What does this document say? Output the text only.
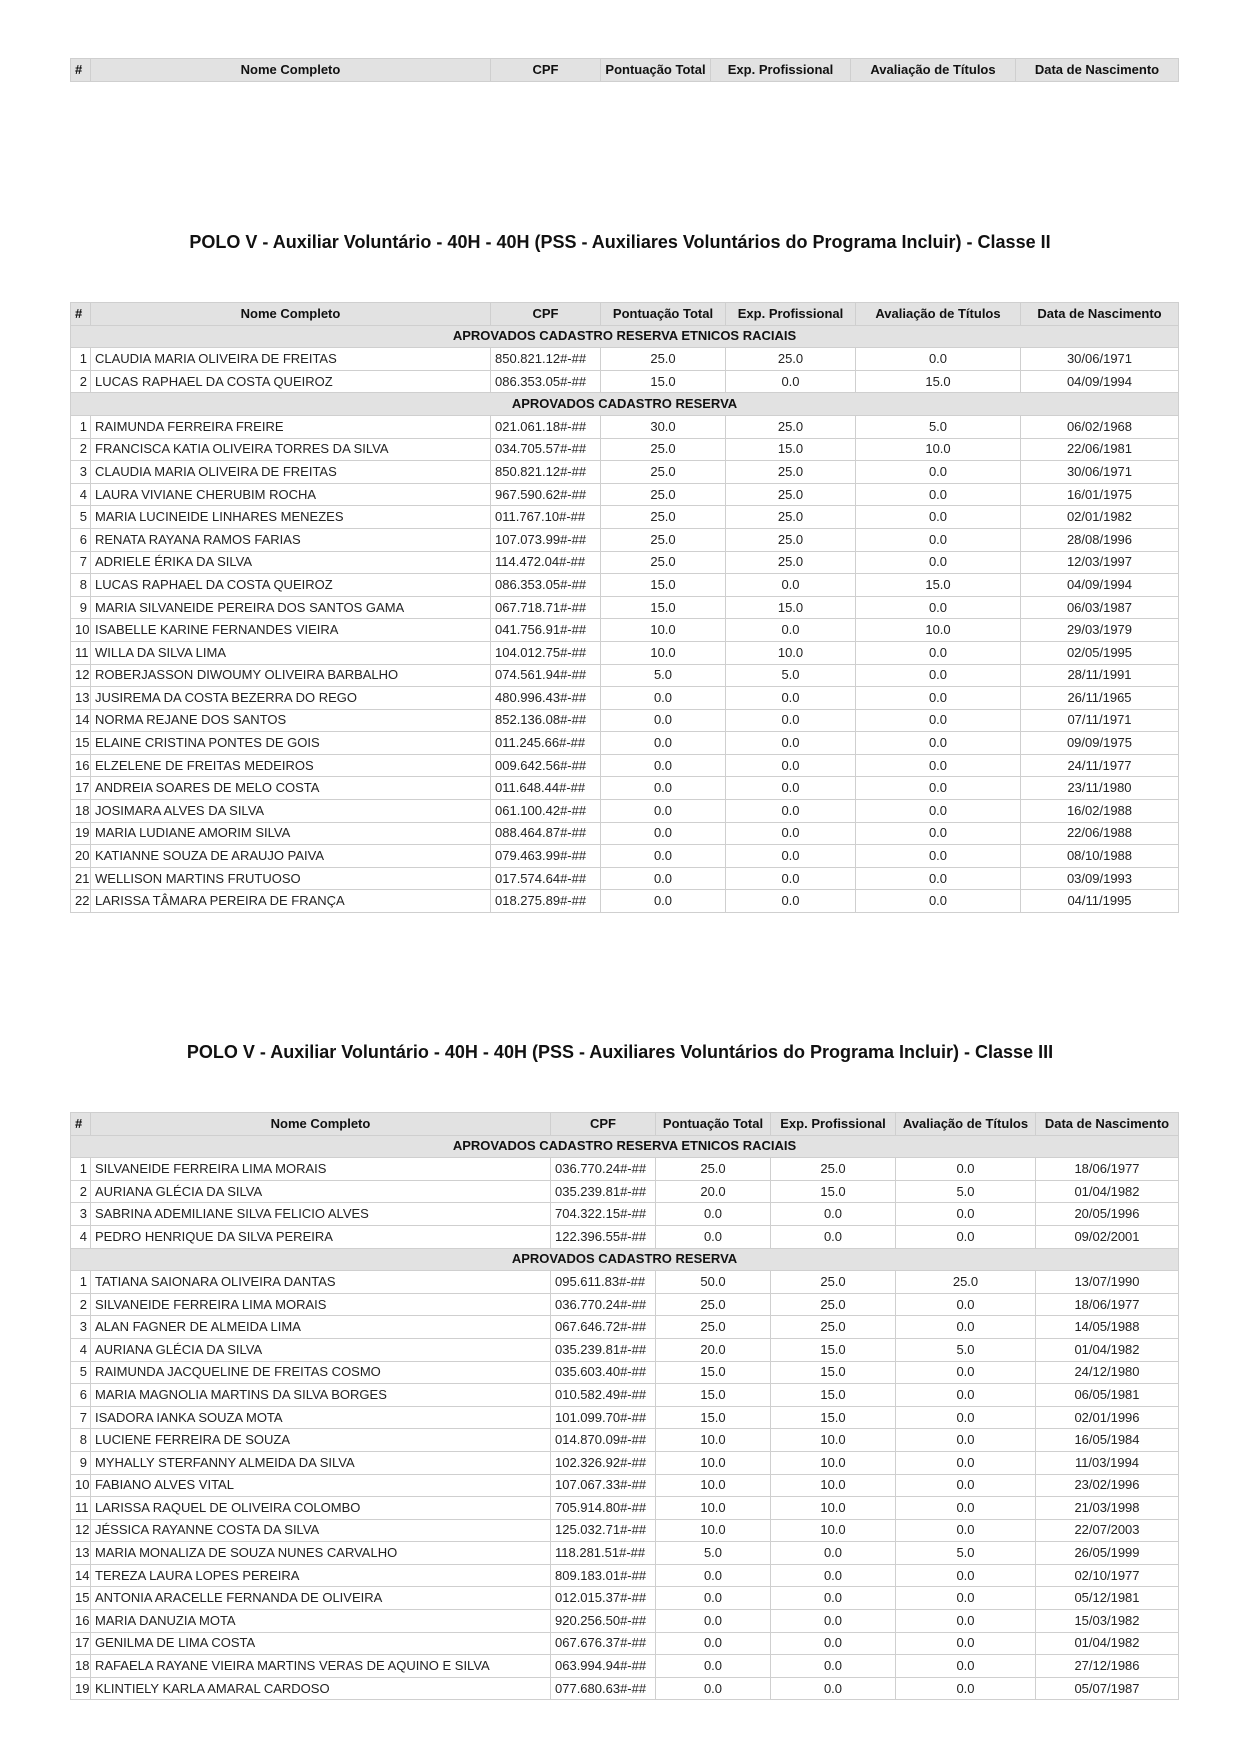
#	Nome Completo	CPF	Pontuação Total	Exp. Profissional	Avaliação de Títulos	Data de Nascimento
POLO V - Auxiliar Voluntário - 40H - 40H (PSS - Auxiliares Voluntários do Programa Incluir) - Classe II
#	Nome Completo	CPF	Pontuação Total	Exp. Profissional	Avaliação de Títulos	Data de Nascimento
APROVADOS CADASTRO RESERVA ETNICOS RACIAIS						
1	CLAUDIA MARIA OLIVEIRA DE FREITAS	850.821.12#-##	25.0	25.0	0.0	30/06/1971
2	LUCAS RAPHAEL DA COSTA QUEIROZ	086.353.05#-##	15.0	0.0	15.0	04/09/1994
APROVADOS CADASTRO RESERVA						
1	RAIMUNDA FERREIRA FREIRE	021.061.18#-##	30.0	25.0	5.0	06/02/1968
2	FRANCISCA KATIA OLIVEIRA TORRES DA SILVA	034.705.57#-##	25.0	15.0	10.0	22/06/1981
3	CLAUDIA MARIA OLIVEIRA DE FREITAS	850.821.12#-##	25.0	25.0	0.0	30/06/1971
4	LAURA VIVIANE CHERUBIM ROCHA	967.590.62#-##	25.0	25.0	0.0	16/01/1975
5	MARIA LUCINEIDE LINHARES MENEZES	011.767.10#-##	25.0	25.0	0.0	02/01/1982
6	RENATA RAYANA RAMOS FARIAS	107.073.99#-##	25.0	25.0	0.0	28/08/1996
7	ADRIELE ÉRIKA DA SILVA	114.472.04#-##	25.0	25.0	0.0	12/03/1997
8	LUCAS RAPHAEL DA COSTA QUEIROZ	086.353.05#-##	15.0	0.0	15.0	04/09/1994
9	MARIA SILVANEIDE PEREIRA DOS SANTOS GAMA	067.718.71#-##	15.0	15.0	0.0	06/03/1987
10	ISABELLE KARINE FERNANDES VIEIRA	041.756.91#-##	10.0	0.0	10.0	29/03/1979
11	WILLA DA SILVA LIMA	104.012.75#-##	10.0	10.0	0.0	02/05/1995
12	ROBERJASSON DIWOUMY OLIVEIRA BARBALHO	074.561.94#-##	5.0	5.0	0.0	28/11/1991
13	JUSIREMA DA COSTA BEZERRA DO REGO	480.996.43#-##	0.0	0.0	0.0	26/11/1965
14	NORMA REJANE DOS SANTOS	852.136.08#-##	0.0	0.0	0.0	07/11/1971
15	ELAINE CRISTINA PONTES DE GOIS	011.245.66#-##	0.0	0.0	0.0	09/09/1975
16	ELZELENE DE FREITAS MEDEIROS	009.642.56#-##	0.0	0.0	0.0	24/11/1977
17	ANDREIA SOARES DE MELO COSTA	011.648.44#-##	0.0	0.0	0.0	23/11/1980
18	JOSIMARA ALVES DA SILVA	061.100.42#-##	0.0	0.0	0.0	16/02/1988
19	MARIA LUDIANE AMORIM SILVA	088.464.87#-##	0.0	0.0	0.0	22/06/1988
20	KATIANNE SOUZA DE ARAUJO PAIVA	079.463.99#-##	0.0	0.0	0.0	08/10/1988
21	WELLISON MARTINS FRUTUOSO	017.574.64#-##	0.0	0.0	0.0	03/09/1993
22	LARISSA TÂMARA PEREIRA DE FRANÇA	018.275.89#-##	0.0	0.0	0.0	04/11/1995
POLO V - Auxiliar Voluntário - 40H - 40H (PSS - Auxiliares Voluntários do Programa Incluir) - Classe III
#	Nome Completo	CPF	Pontuação Total	Exp. Profissional	Avaliação de Títulos	Data de Nascimento
APROVADOS CADASTRO RESERVA ETNICOS RACIAIS						
1	SILVANEIDE FERREIRA LIMA MORAIS	036.770.24#-##	25.0	25.0	0.0	18/06/1977
2	AURIANA GLÉCIA DA SILVA	035.239.81#-##	20.0	15.0	5.0	01/04/1982
3	SABRINA ADEMILIANE SILVA FELICIO ALVES	704.322.15#-##	0.0	0.0	0.0	20/05/1996
4	PEDRO HENRIQUE DA SILVA PEREIRA	122.396.55#-##	0.0	0.0	0.0	09/02/2001
APROVADOS CADASTRO RESERVA						
1	TATIANA SAIONARA OLIVEIRA DANTAS	095.611.83#-##	50.0	25.0	25.0	13/07/1990
2	SILVANEIDE FERREIRA LIMA MORAIS	036.770.24#-##	25.0	25.0	0.0	18/06/1977
3	ALAN FAGNER DE ALMEIDA LIMA	067.646.72#-##	25.0	25.0	0.0	14/05/1988
4	AURIANA GLÉCIA DA SILVA	035.239.81#-##	20.0	15.0	5.0	01/04/1982
5	RAIMUNDA JACQUELINE DE FREITAS COSMO	035.603.40#-##	15.0	15.0	0.0	24/12/1980
6	MARIA MAGNOLIA MARTINS DA SILVA BORGES	010.582.49#-##	15.0	15.0	0.0	06/05/1981
7	ISADORA IANKA SOUZA MOTA	101.099.70#-##	15.0	15.0	0.0	02/01/1996
8	LUCIENE FERREIRA DE SOUZA	014.870.09#-##	10.0	10.0	0.0	16/05/1984
9	MYHALLY STERFANNY ALMEIDA DA SILVA	102.326.92#-##	10.0	10.0	0.0	11/03/1994
10	FABIANO ALVES VITAL	107.067.33#-##	10.0	10.0	0.0	23/02/1996
11	LARISSA RAQUEL DE OLIVEIRA COLOMBO	705.914.80#-##	10.0	10.0	0.0	21/03/1998
12	JÉSSICA RAYANNE COSTA DA SILVA	125.032.71#-##	10.0	10.0	0.0	22/07/2003
13	MARIA MONALIZA DE SOUZA NUNES CARVALHO	118.281.51#-##	5.0	0.0	5.0	26/05/1999
14	TEREZA LAURA LOPES PEREIRA	809.183.01#-##	0.0	0.0	0.0	02/10/1977
15	ANTONIA ARACELLE FERNANDA DE OLIVEIRA	012.015.37#-##	0.0	0.0	0.0	05/12/1981
16	MARIA DANUZIA MOTA	920.256.50#-##	0.0	0.0	0.0	15/03/1982
17	GENILMA DE LIMA COSTA	067.676.37#-##	0.0	0.0	0.0	01/04/1982
18	RAFAELA RAYANE VIEIRA MARTINS VERAS DE AQUINO E SILVA	063.994.94#-##	0.0	0.0	0.0	27/12/1986
19	KLINTIELY KARLA AMARAL CARDOSO	077.680.63#-##	0.0	0.0	0.0	05/07/1987
